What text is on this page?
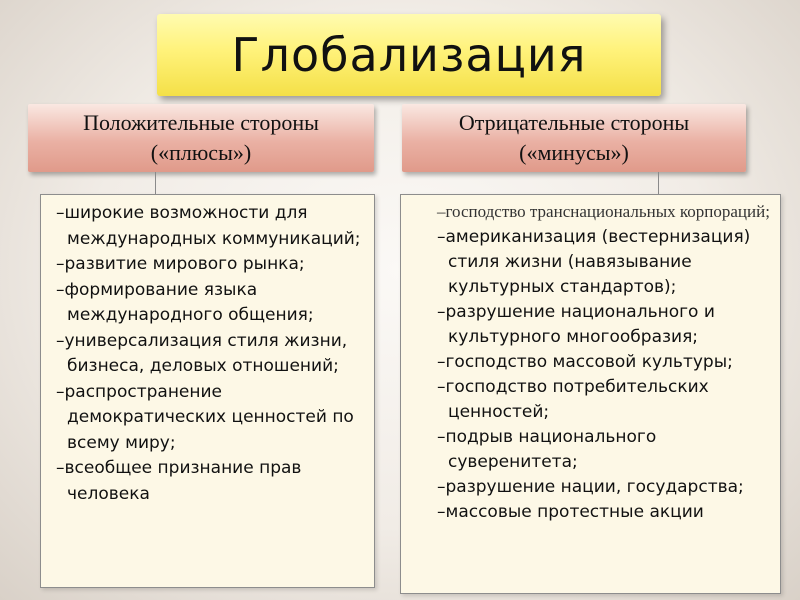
Глобализация
Положительные стороны
(«плюсы»)
Отрицательные стороны
(«минусы»)
–широкие возможности для международных коммуникаций;
–развитие мирового рынка;
–формирование языка международного общения;
–универсализация стиля жизни, бизнеса, деловых отношений;
–распространение демократических ценностей по всему миру;
–всеобщее признание прав человека
–господство транснациональных корпораций;
–американизация (вестернизация) стиля жизни (навязывание культурных стандартов);
–разрушение национального и культурного многообразия;
–господство массовой культуры;
–господство потребительских ценностей;
–подрыв национального суверенитета;
–разрушение нации, государства;
–массовые протестные акции
